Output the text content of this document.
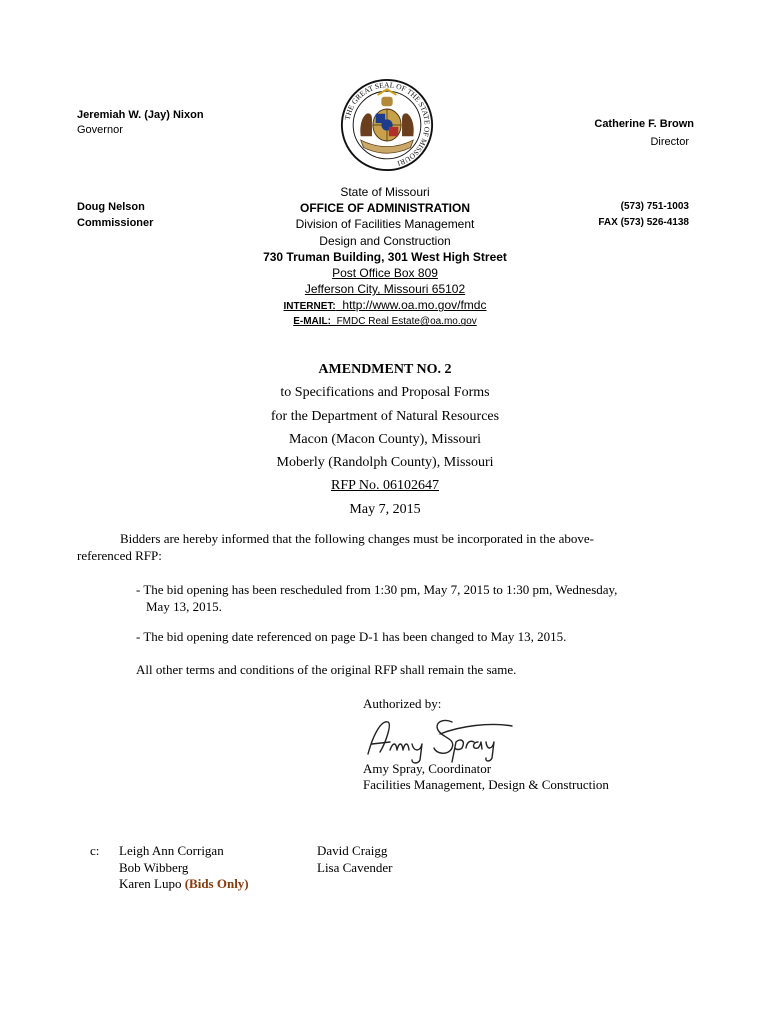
Jeremiah W. (Jay) Nixon
Governor	Catherine F. Brown
Director
Doug Nelson
Commissioner
(573) 751-1003
FAX (573) 526-4138
THE GREAT SEAL OF THE STATE OF MISSOURI
State of Missouri
OFFICE OF ADMINISTRATION
Division of Facilities Management
Design and Construction
730 Truman Building, 301 West High Street
Post Office Box 809
Jefferson City, Missouri 65102
INTERNET: http://www.oa.mo.gov/fmdc
E-MAIL: FMDC Real Estate@oa.mo.gov
AMENDMENT NO. 2
to Specifications and Proposal Forms
for the Department of Natural Resources
Macon (Macon County), Missouri
Moberly (Randolph County), Missouri
RFP No. 06102647
May 7, 2015
Bidders are hereby informed that the following changes must be incorporated in the above-
referenced RFP:
- The bid opening has been rescheduled from 1:30 pm, May 7, 2015 to 1:30 pm, Wednesday,
May 13, 2015.
- The bid opening date referenced on page D-1 has been changed to May 13, 2015.
All other terms and conditions of the original RFP shall remain the same.
Authorized by:
Amy Spray, Coordinator
Facilities Management, Design & Construction
c: Leigh Ann Corrigan
Bob Wibberg
Karen Lupo (Bids Only)
David Craigg
Lisa Cavender
